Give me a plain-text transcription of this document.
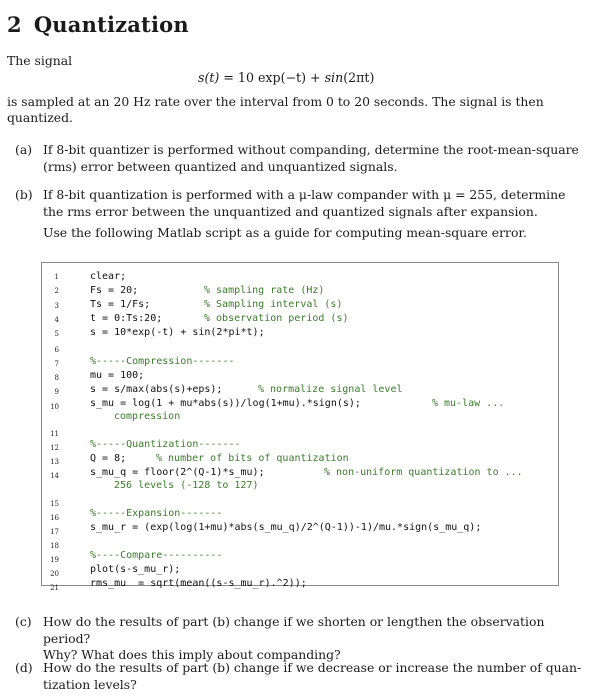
2 Quantization
The signal
s(t) = 10 exp(−t) + sin(2πt)
is sampled at an 20 Hz rate over the interval from 0 to 20 seconds. The signal is then
quantized.
(a) If 8-bit quantizer is performed without companding, determine the root-mean-square
(rms) error between quantized and unquantized signals.
(b) If 8-bit quantization is performed with a μ-law compander with μ = 255, determine
the rms error between the unquantized and quantized signals after expansion.
Use the following Matlab script as a guide for computing mean-square error.
1
2
3
4
5
6
7
8
9
10
11
12
13
14
15
16
17
18
19
20
21
clear;
Fs = 20;	% sampling rate (Hz)
Ts = 1/Fs;	% Sampling interval (s)
t = 0:Ts:20;	% observation period (s)
s = 10*exp(-t) + sin(2*pi*t);
%-----Compression-------
mu = 100;
s = s/max(abs(s)+eps);	% normalize signal level
s_mu = log(1 + mu*abs(s))/log(1+mu).*sign(s);	% mu-law ...
compression
%-----Quantization-------
Q = 8;	% number of bits of quantization
s_mu_q = floor(2^(Q-1)*s_mu);	% non-uniform quantization to ...
256 levels (-128 to 127)
%-----Expansion-------
s_mu_r = (exp(log(1+mu)*abs(s_mu_q)/2^(Q-1))-1)/mu.*sign(s_mu_q);
%----Compare----------
plot(s-s_mu_r);
rms_mu  = sqrt(mean((s-s_mu_r).^2));
(c) How do the results of part (b) change if we shorten or lengthen the observation period?
Why? What does this imply about companding?
(d) How do the results of part (b) change if we decrease or increase the number of quan-
tization levels?
